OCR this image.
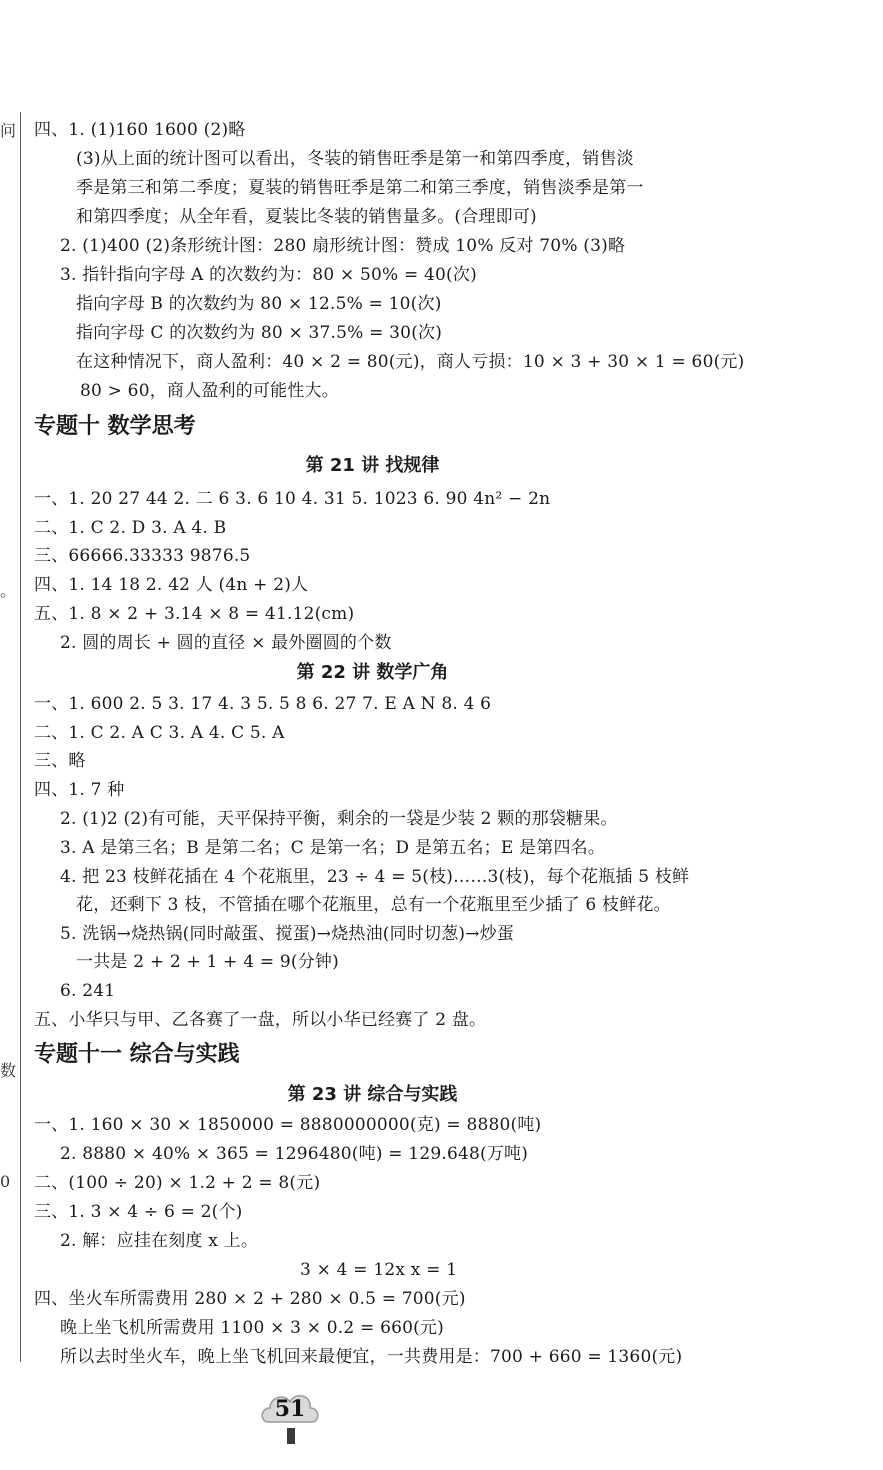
问
。
数
0
四、1. (1)160 1600 (2)略
(3)从上面的统计图可以看出，冬装的销售旺季是第一和第四季度，销售淡
季是第三和第二季度；夏装的销售旺季是第二和第三季度，销售淡季是第一
和第四季度；从全年看，夏装比冬装的销售量多。(合理即可)
2. (1)400 (2)条形统计图：280 扇形统计图：赞成 10% 反对 70% (3)略
3. 指针指向字母 A 的次数约为：80 × 50% = 40(次)
指向字母 B 的次数约为 80 × 12.5% = 10(次)
指向字母 C 的次数约为 80 × 37.5% = 30(次)
在这种情况下，商人盈利：40 × 2 = 80(元)，商人亏损：10 × 3 + 30 × 1 = 60(元)
80 > 60，商人盈利的可能性大。
专题十 数学思考
第 21 讲 找规律
一、1. 20 27 44 2. 二 6 3. 6 10 4. 31 5. 1023 6. 90 4n² − 2n
二、1. C 2. D 3. A 4. B
三、66666.33333 9876.5
四、1. 14 18 2. 42 人 (4n + 2)人
五、1. 8 × 2 + 3.14 × 8 = 41.12(cm)
2. 圆的周长 + 圆的直径 × 最外圈圆的个数
第 22 讲 数学广角
一、1. 600 2. 5 3. 17 4. 3 5. 5 8 6. 27 7. E A N 8. 4 6
二、1. C 2. A C 3. A 4. C 5. A
三、略
四、1. 7 种
2. (1)2 (2)有可能，天平保持平衡，剩余的一袋是少装 2 颗的那袋糖果。
3. A 是第三名；B 是第二名；C 是第一名；D 是第五名；E 是第四名。
4. 把 23 枝鲜花插在 4 个花瓶里，23 ÷ 4 = 5(枝)……3(枝)，每个花瓶插 5 枝鲜
花，还剩下 3 枝，不管插在哪个花瓶里，总有一个花瓶里至少插了 6 枝鲜花。
5. 洗锅→烧热锅(同时敲蛋、搅蛋)→烧热油(同时切葱)→炒蛋
一共是 2 + 2 + 1 + 4 = 9(分钟)
6. 241
五、小华只与甲、乙各赛了一盘，所以小华已经赛了 2 盘。
专题十一 综合与实践
第 23 讲 综合与实践
一、1. 160 × 30 × 1850000 = 8880000000(克) = 8880(吨)
2. 8880 × 40% × 365 = 1296480(吨) = 129.648(万吨)
二、(100 ÷ 20) × 1.2 + 2 = 8(元)
三、1. 3 × 4 ÷ 6 = 2(个)
2. 解：应挂在刻度 x 上。
3 × 4 = 12x x = 1
四、坐火车所需费用 280 × 2 + 280 × 0.5 = 700(元)
晚上坐飞机所需费用 1100 × 3 × 0.2 = 660(元)
所以去时坐火车，晚上坐飞机回来最便宜，一共费用是：700 + 660 = 1360(元)
51
